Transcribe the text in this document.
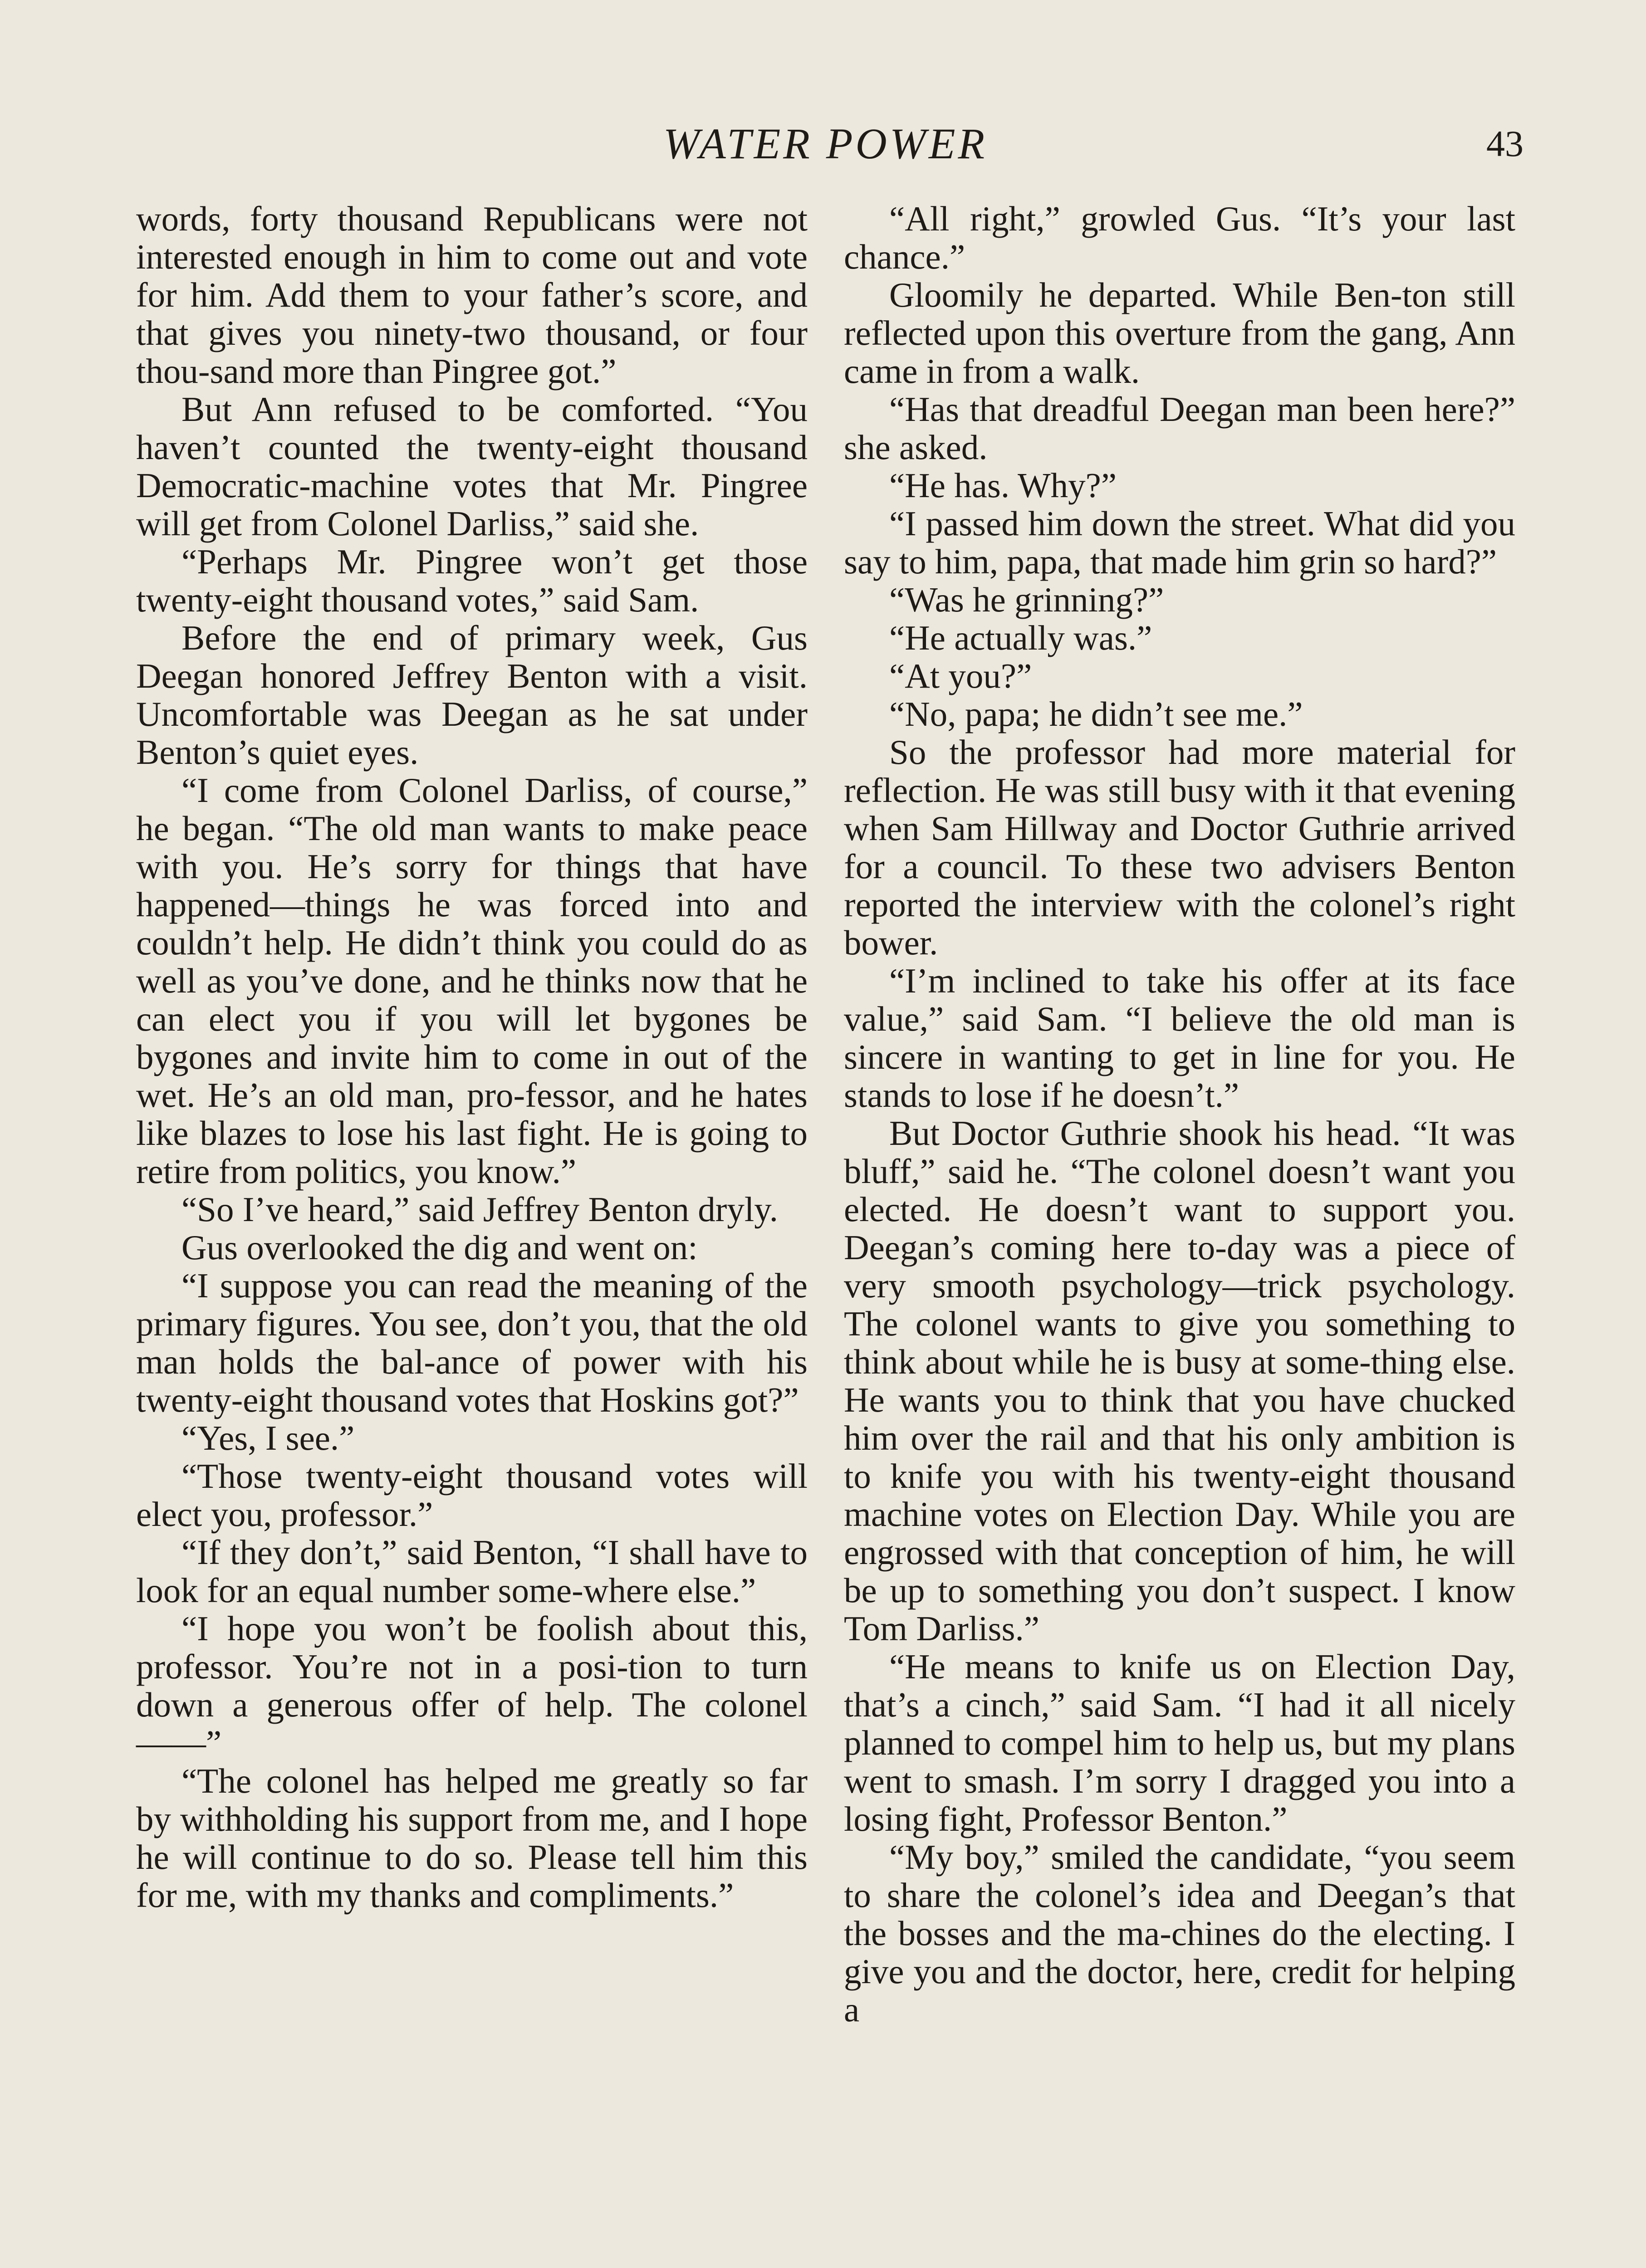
WATER POWER	43

words, forty thousand Republicans were not interested enough in him to come out and vote for him. Add them to your father’s score, and that gives you ninety-two thousand, or four thou-sand more than Pingree got.”

But Ann refused to be comforted. “You haven’t counted the twenty-eight thousand Democratic-machine votes that Mr. Pingree will get from Colonel Darliss,” said she.

“Perhaps Mr. Pingree won’t get those twenty-eight thousand votes,” said Sam.

Before the end of primary week, Gus Deegan honored Jeffrey Benton with a visit. Uncomfortable was Deegan as he sat under Benton’s quiet eyes.

“I come from Colonel Darliss, of course,” he began. “The old man wants to make peace with you. He’s sorry for things that have happened—things he was forced into and couldn’t help. He didn’t think you could do as well as you’ve done, and he thinks now that he can elect you if you will let bygones be bygones and invite him to come in out of the wet. He’s an old man, pro-fessor, and he hates like blazes to lose his last fight. He is going to retire from politics, you know.”

“So I’ve heard,” said Jeffrey Benton dryly.

Gus overlooked the dig and went on:

“I suppose you can read the meaning of the primary figures. You see, don’t you, that the old man holds the bal-ance of power with his twenty-eight thousand votes that Hoskins got?”

“Yes, I see.”

“Those twenty-eight thousand votes will elect you, professor.”

“If they don’t,” said Benton, “I shall have to look for an equal number some-where else.”

“I hope you won’t be foolish about this, professor. You’re not in a posi-tion to turn down a generous offer of help. The colonel——”

“The colonel has helped me greatly so far by withholding his support from me, and I hope he will continue to do so. Please tell him this for me, with my thanks and compliments.”

“All right,” growled Gus. “It’s your last chance.”

Gloomily he departed. While Ben-ton still reflected upon this overture from the gang, Ann came in from a walk.

“Has that dreadful Deegan man been here?” she asked.

“He has. Why?”

“I passed him down the street. What did you say to him, papa, that made him grin so hard?”

“Was he grinning?”

“He actually was.”

“At you?”

“No, papa; he didn’t see me.”

So the professor had more material for reflection. He was still busy with it that evening when Sam Hillway and Doctor Guthrie arrived for a council. To these two advisers Benton reported the interview with the colonel’s right bower.

“I’m inclined to take his offer at its face value,” said Sam. “I believe the old man is sincere in wanting to get in line for you. He stands to lose if he doesn’t.”

But Doctor Guthrie shook his head. “It was bluff,” said he. “The colonel doesn’t want you elected. He doesn’t want to support you. Deegan’s coming here to-day was a piece of very smooth psychology—trick psychology. The colonel wants to give you something to think about while he is busy at some-thing else. He wants you to think that you have chucked him over the rail and that his only ambition is to knife you with his twenty-eight thousand machine votes on Election Day. While you are engrossed with that conception of him, he will be up to something you don’t suspect. I know Tom Darliss.”

“He means to knife us on Election Day, that’s a cinch,” said Sam. “I had it all nicely planned to compel him to help us, but my plans went to smash. I’m sorry I dragged you into a losing fight, Professor Benton.”

“My boy,” smiled the candidate, “you seem to share the colonel’s idea and Deegan’s that the bosses and the ma-chines do the electing. I give you and the doctor, here, credit for helping a
